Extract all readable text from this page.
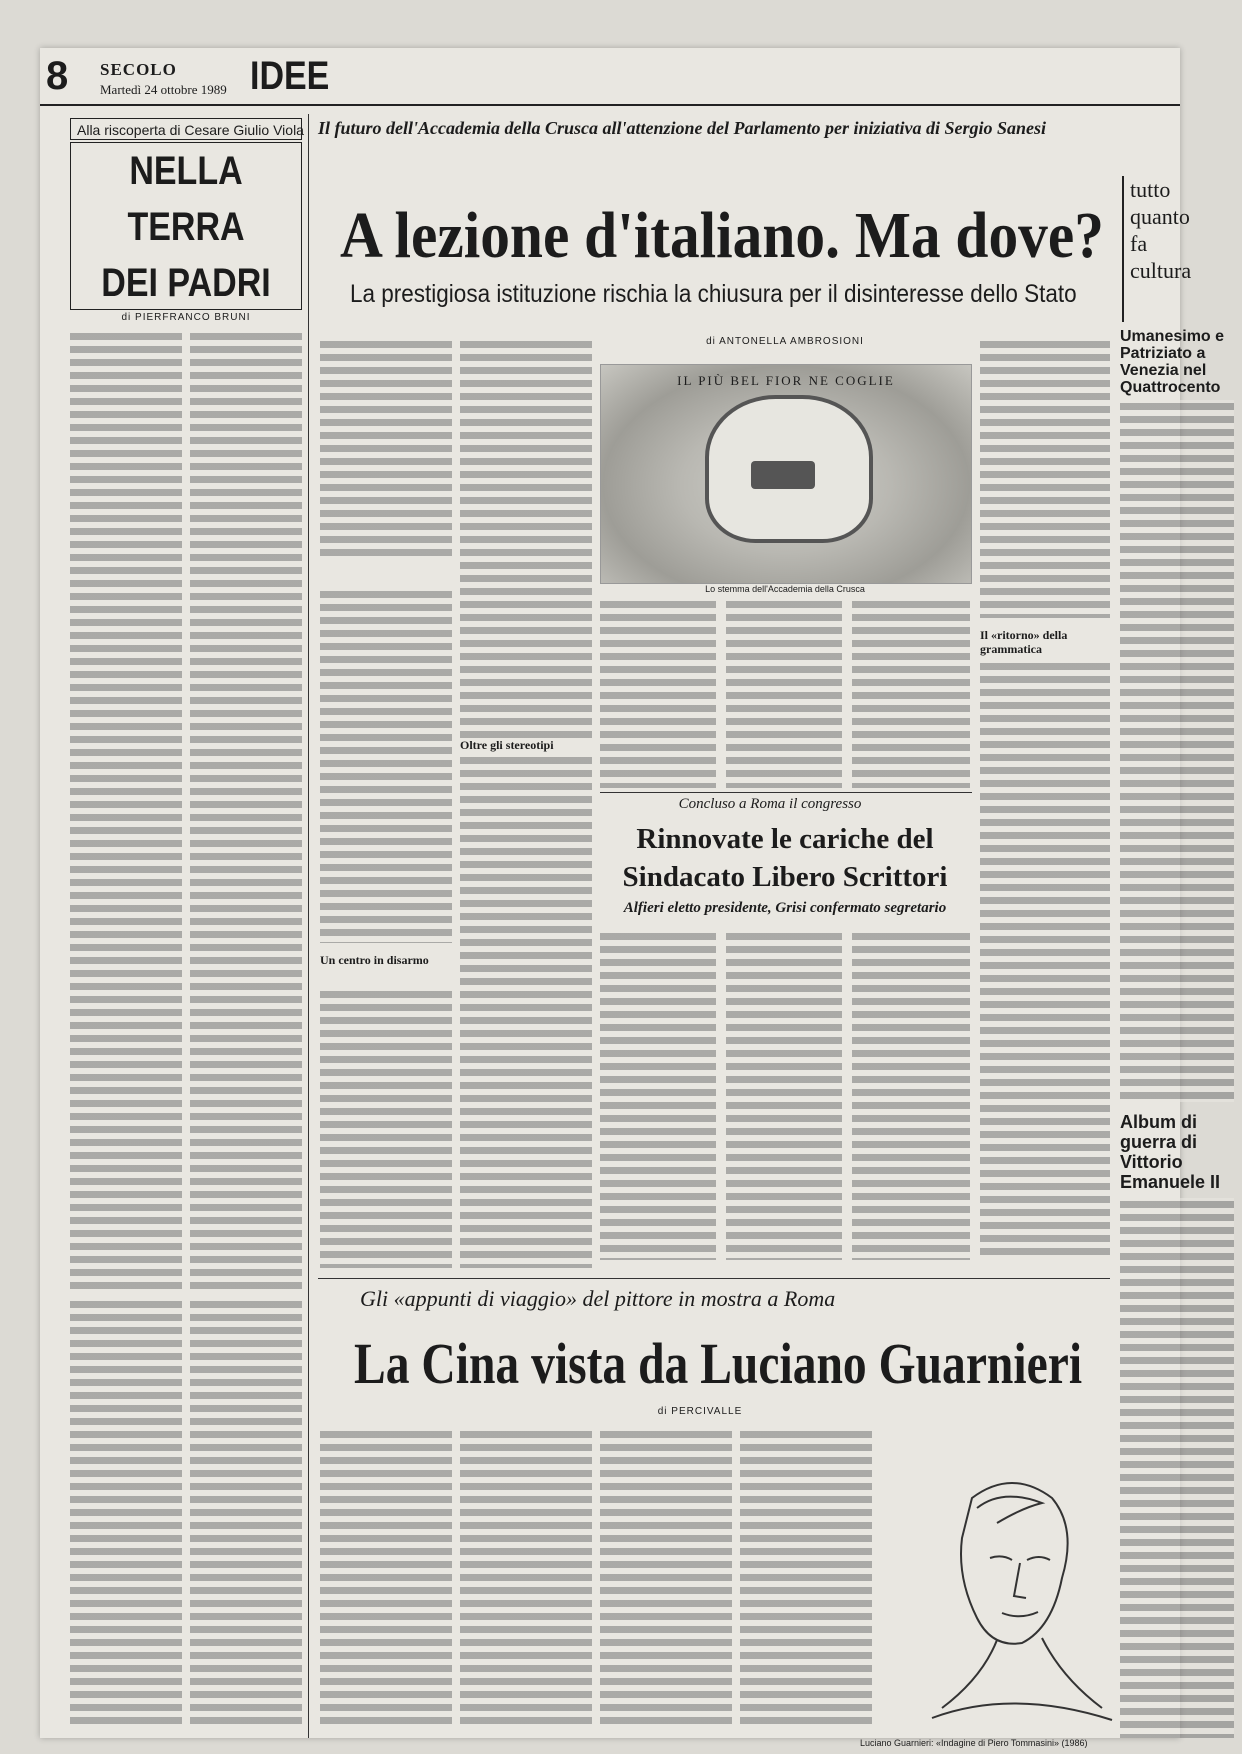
8 SECOLO
Martedì 24 ottobre 1989 IDEE
Alla riscoperta di Cesare Giulio Viola
NELLA TERRA
DEI PADRI
di PIERFRANCO BRUNI
Il futuro dell'Accademia della Crusca all'attenzione del Parlamento per iniziativa di Sergio Sanesi
A lezione d'italiano. Ma dove?
La prestigiosa istituzione rischia la chiusura per il disinteresse dello Stato
di ANTONELLA AMBROSIONI
Un centro in disarmo
Il «ritorno» della grammatica
IL PIÙ BEL FIOR NE COGLIE
Lo stemma dell'Accademia della Crusca
Oltre gli stereotipi
Concluso a Roma il congresso
Rinnovate le cariche del Sindacato Libero Scrittori
Alfieri eletto presidente, Grisi confermato segretario
tutto
quanto
fa
cultura
Umanesimo e Patriziato a Venezia nel Quattrocento
Album di guerra di Vittorio Emanuele II
Gli «appunti di viaggio» del pittore in mostra a Roma
La Cina vista da Luciano Guarnieri
di PERCIVALLE
Luciano Guarnieri: «Indagine di Piero Tommasini» (1986)
